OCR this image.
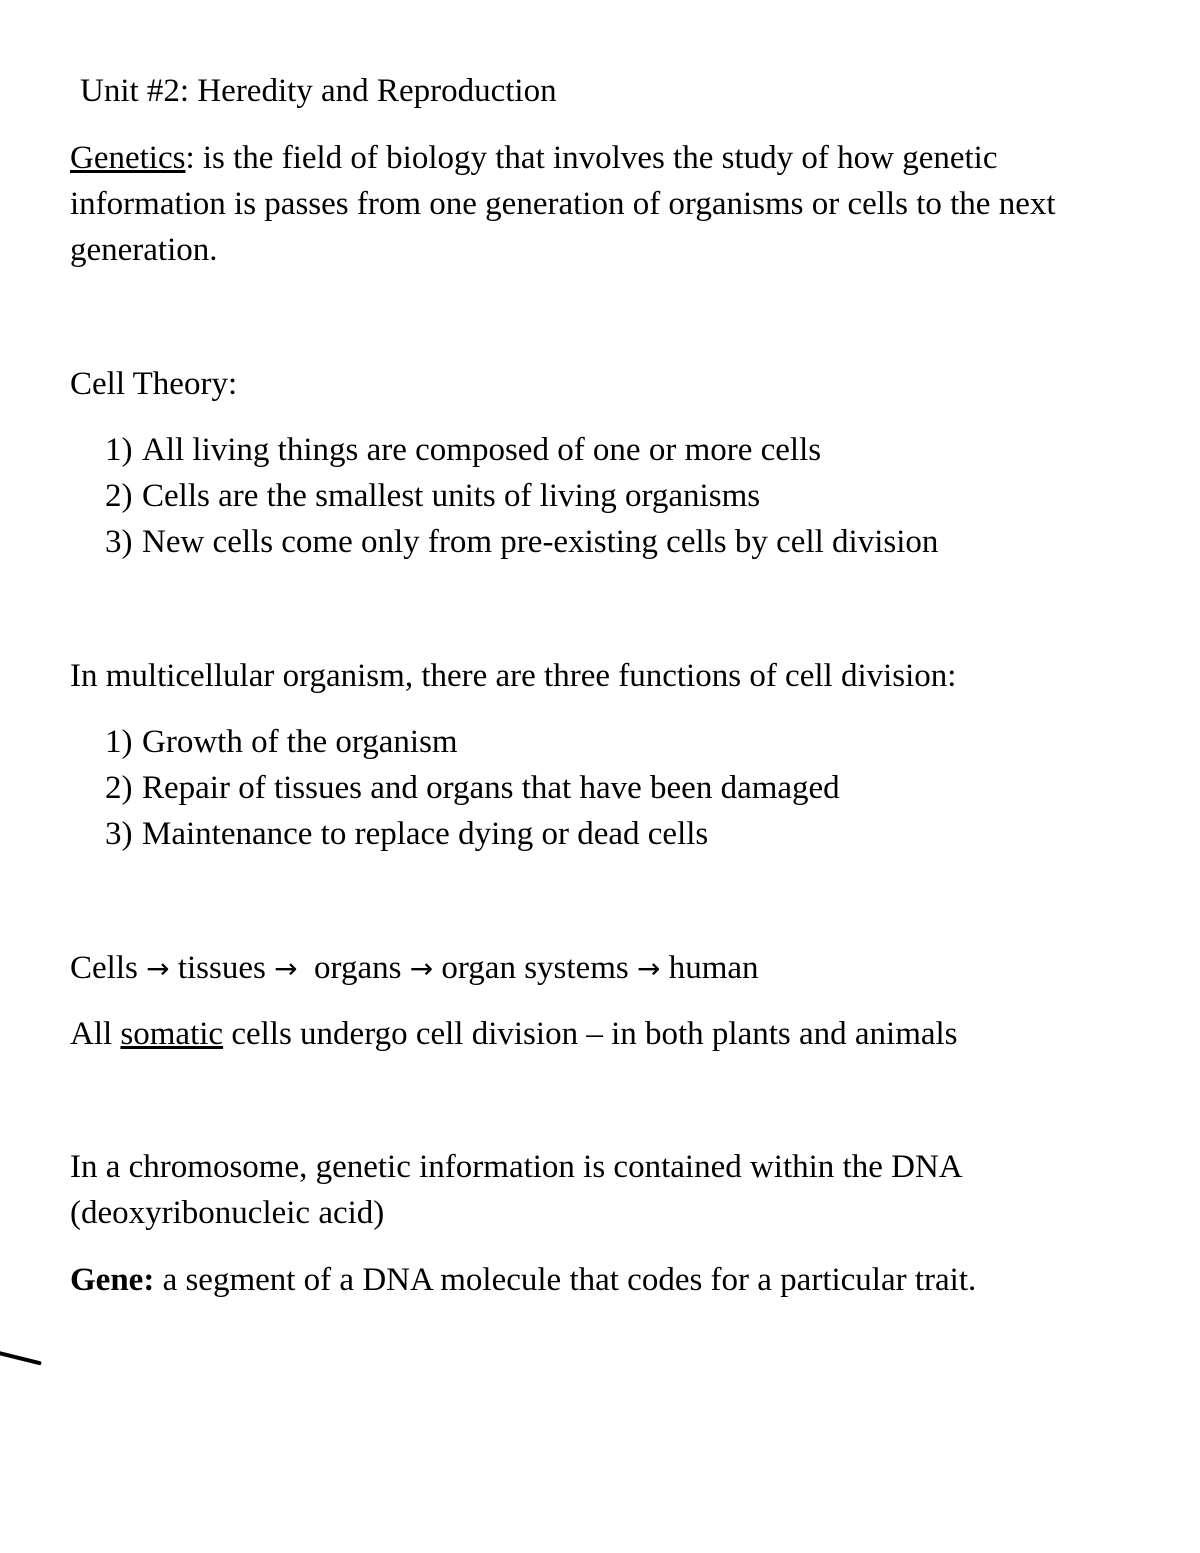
Unit #2: Heredity and Reproduction

Genetics: is the field of biology that involves the study of how genetic information is passes from one generation of organisms or cells to the next generation.

Cell Theory:

1) All living things are composed of one or more cells
2) Cells are the smallest units of living organisms
3) New cells come only from pre-existing cells by cell division

In multicellular organism, there are three functions of cell division:

1) Growth of the organism
2) Repair of tissues and organs that have been damaged
3) Maintenance to replace dying or dead cells

Cells → tissues → organs → organ systems → human

All somatic cells undergo cell division – in both plants and animals

In a chromosome, genetic information is contained within the DNA (deoxyribonucleic acid)

Gene: a segment of a DNA molecule that codes for a particular trait.
